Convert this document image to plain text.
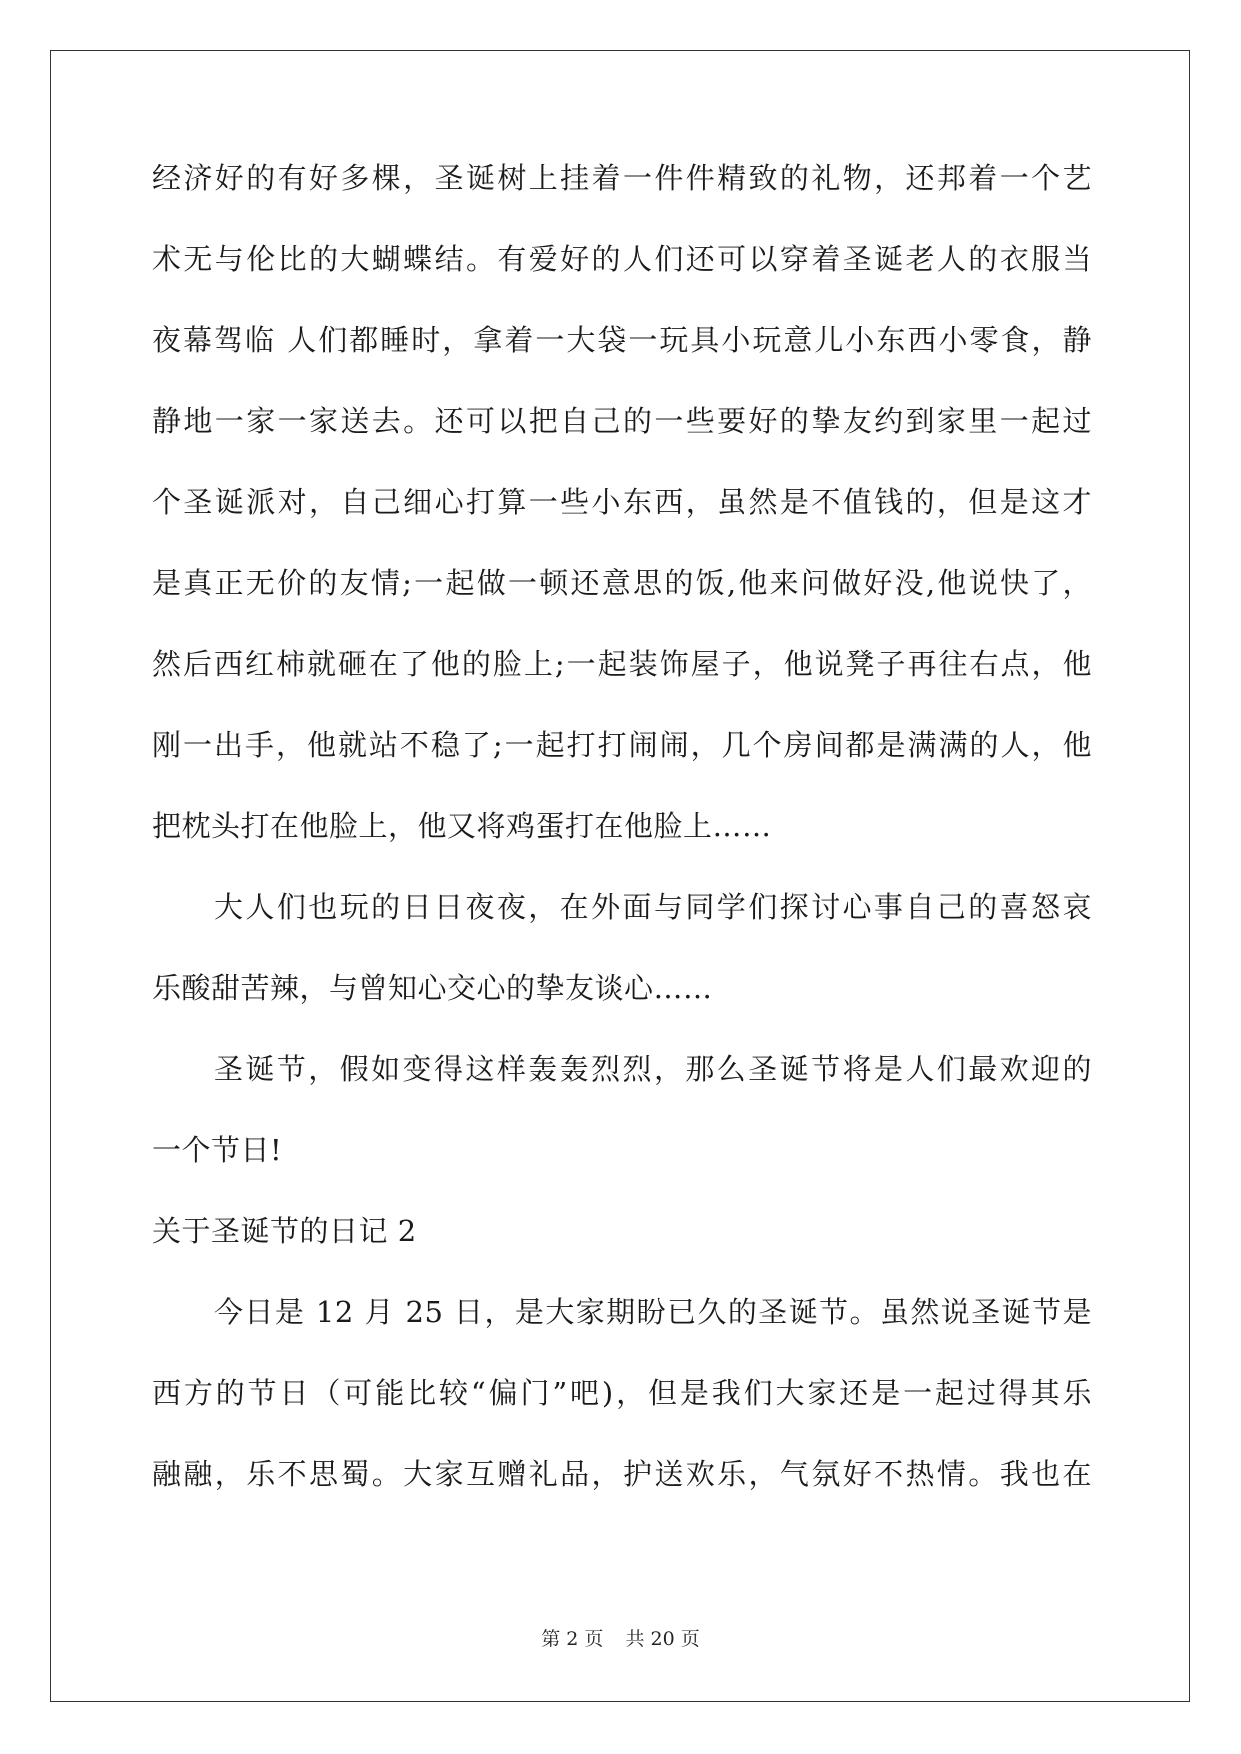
经济好的有好多棵，圣诞树上挂着一件件精致的礼物，还邦着一个艺
术无与伦比的大蝴蝶结。有爱好的人们还可以穿着圣诞老人的衣服当
夜幕驾临 人们都睡时，拿着一大袋一玩具小玩意儿小东西小零食，静
静地一家一家送去。还可以把自己的一些要好的挚友约到家里一起过
个圣诞派对，自己细心打算一些小东西，虽然是不值钱的，但是这才
是真正无价的友情;一起做一顿还意思的饭,他来问做好没,他说快了，
然后西红柿就砸在了他的脸上;一起装饰屋子，他说凳子再往右点，他
刚一出手，他就站不稳了;一起打打闹闹，几个房间都是满满的人，他
把枕头打在他脸上，他又将鸡蛋打在他脸上……
大人们也玩的日日夜夜，在外面与同学们探讨心事自己的喜怒哀
乐酸甜苦辣，与曾知心交心的挚友谈心……
圣诞节，假如变得这样轰轰烈烈，那么圣诞节将是人们最欢迎的
一个节日!
关于圣诞节的日记 2
今日是 12 月 25 日，是大家期盼已久的圣诞节。虽然说圣诞节是
西方的节日（可能比较“偏门”吧)，但是我们大家还是一起过得其乐
融融，乐不思蜀。大家互赠礼品，护送欢乐，气氛好不热情。我也在
第 2 页 共 20 页
